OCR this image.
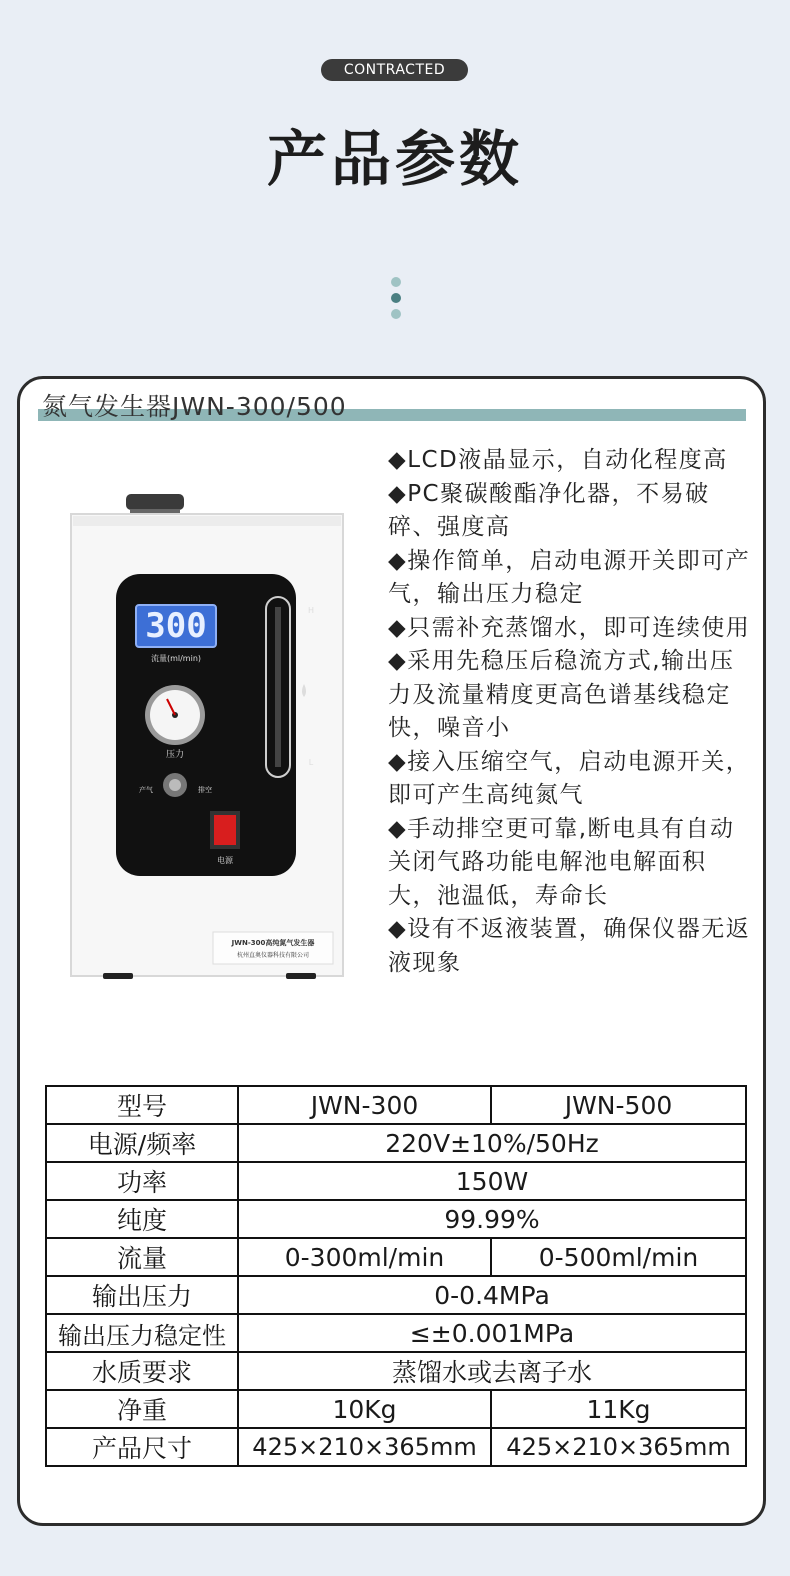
CONTRACTED
产品参数
氮气发生器JWN-300/500
300
流量(ml/min)
压力
产气	排空
电源
H
L
JWN-300高纯氮气发生器
杭州直奥仪器科技有限公司
◆LCD液晶显示，自动化程度高
◆PC聚碳酸酯净化器，不易破碎、强度高
◆操作简单，启动电源开关即可产气，输出压力稳定
◆只需补充蒸馏水，即可连续使用
◆采用先稳压后稳流方式,输出压力及流量精度更高色谱基线稳定快，噪音小
◆接入压缩空气，启动电源开关，即可产生高纯氮气
◆手动排空更可靠,断电具有自动关闭气路功能电解池电解面积大，池温低，寿命长
◆设有不返液装置，确保仪器无返液现象
型号	JWN-300	JWN-500
电源/频率	220V±10%/50Hz	
功率	150W	
纯度	99.99%	
流量	0-300ml/min	0-500ml/min
输出压力	0-0.4MPa	
输出压力稳定性	≤±0.001MPa	
水质要求	蒸馏水或去离子水	
净重	10Kg	11Kg
产品尺寸	425×210×365mm	425×210×365mm
